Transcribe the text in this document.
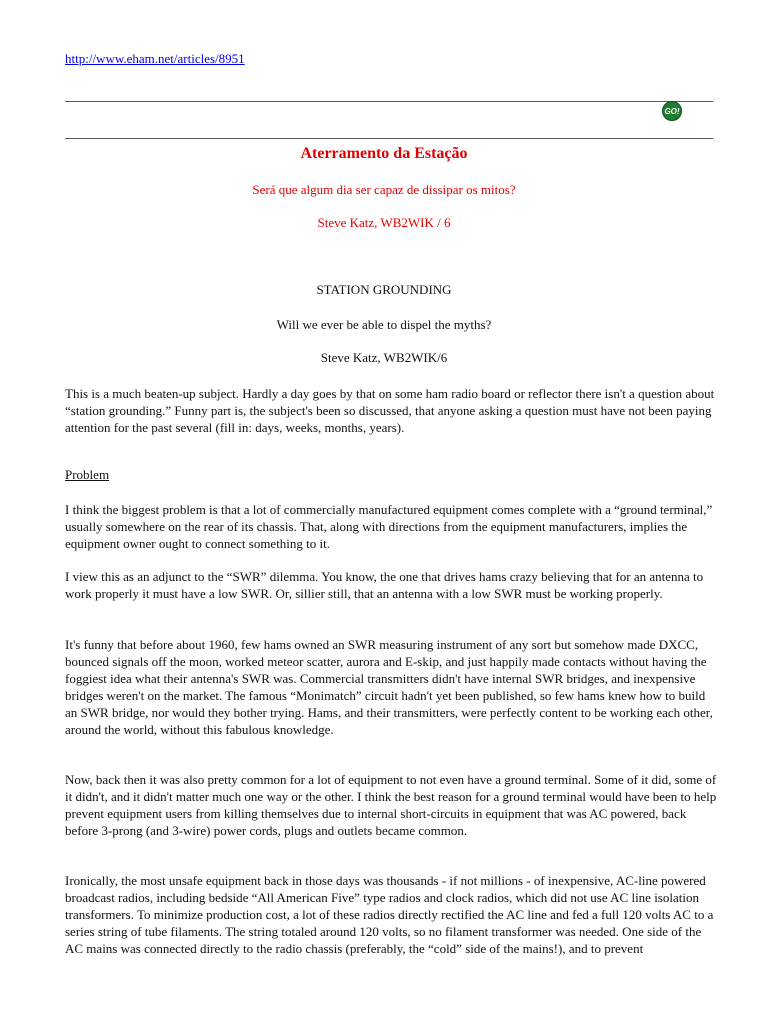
http://www.eham.net/articles/8951
GO!
Aterramento da Estação
Será que algum dia ser capaz de dissipar os mitos?
Steve Katz, WB2WIK / 6
STATION GROUNDING
Will we ever be able to dispel the myths?
Steve Katz, WB2WIK/6

This is a much beaten-up subject. Hardly a day goes by that on some ham radio board or reflector there isn't a question about “station grounding.” Funny part is, the subject's been so discussed, that anyone asking a question must have not been paying attention for the past several (fill in: days, weeks, months, years).

Problem

I think the biggest problem is that a lot of commercially manufactured equipment comes complete with a “ground terminal,” usually somewhere on the rear of its chassis. That, along with directions from the equipment manufacturers, implies the equipment owner ought to connect something to it.

I view this as an adjunct to the “SWR” dilemma. You know, the one that drives hams crazy believing that for an antenna to work properly it must have a low SWR. Or, sillier still, that an antenna with a low SWR must be working properly.

It's funny that before about 1960, few hams owned an SWR measuring instrument of any sort but somehow made DXCC, bounced signals off the moon, worked meteor scatter, aurora and E-skip, and just happily made contacts without having the foggiest idea what their antenna's SWR was. Commercial transmitters didn't have internal SWR bridges, and inexpensive bridges weren't on the market. The famous “Monimatch” circuit hadn't yet been published, so few hams knew how to build an SWR bridge, nor would they bother trying. Hams, and their transmitters, were perfectly content to be working each other, around the world, without this fabulous knowledge.

Now, back then it was also pretty common for a lot of equipment to not even have a ground terminal. Some of it did, some of it didn't, and it didn't matter much one way or the other. I think the best reason for a ground terminal would have been to help prevent equipment users from killing themselves due to internal short-circuits in equipment that was AC powered, back before 3-prong (and 3-wire) power cords, plugs and outlets became common.

Ironically, the most unsafe equipment back in those days was thousands - if not millions - of inexpensive, AC-line powered broadcast radios, including bedside “All American Five” type radios and clock radios, which did not use AC line isolation transformers. To minimize production cost, a lot of these radios directly rectified the AC line and fed a full 120 volts AC to a series string of tube filaments. The string totaled around 120 volts, so no filament transformer was needed. One side of the AC mains was connected directly to the radio chassis (preferably, the “cold” side of the mains!), and to prevent
